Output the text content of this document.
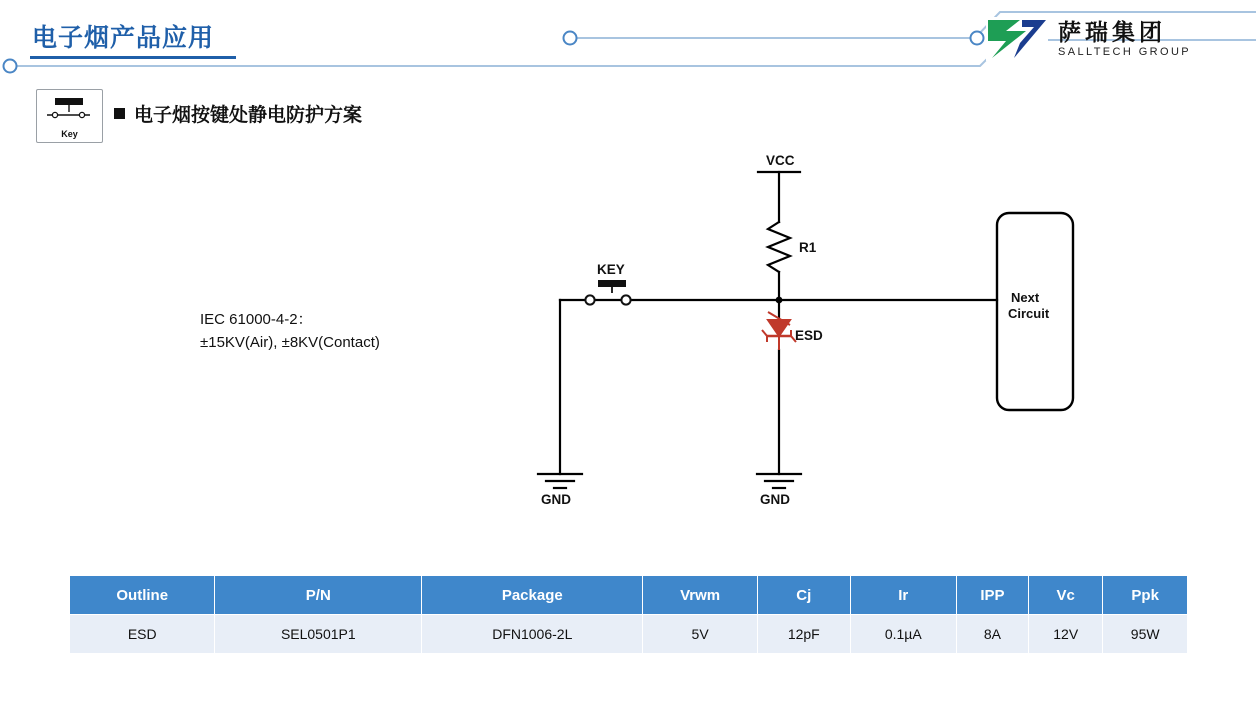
电子烟产品应用	萨瑞集团
SALLTECH GROUP
Key
电子烟按键处静电防护方案
IEC 61000-4-2：
±15KV(Air), ±8KV(Contact)
VCC
R1
KEY
ESD
GND	GND
Next
Circuit
Outline	P/N	Package	Vrwm	Cj	Ir	IPP	Vc	Ppk
ESD	SEL0501P1	DFN1006-2L	5V	12pF	0.1µA	8A	12V	95W
